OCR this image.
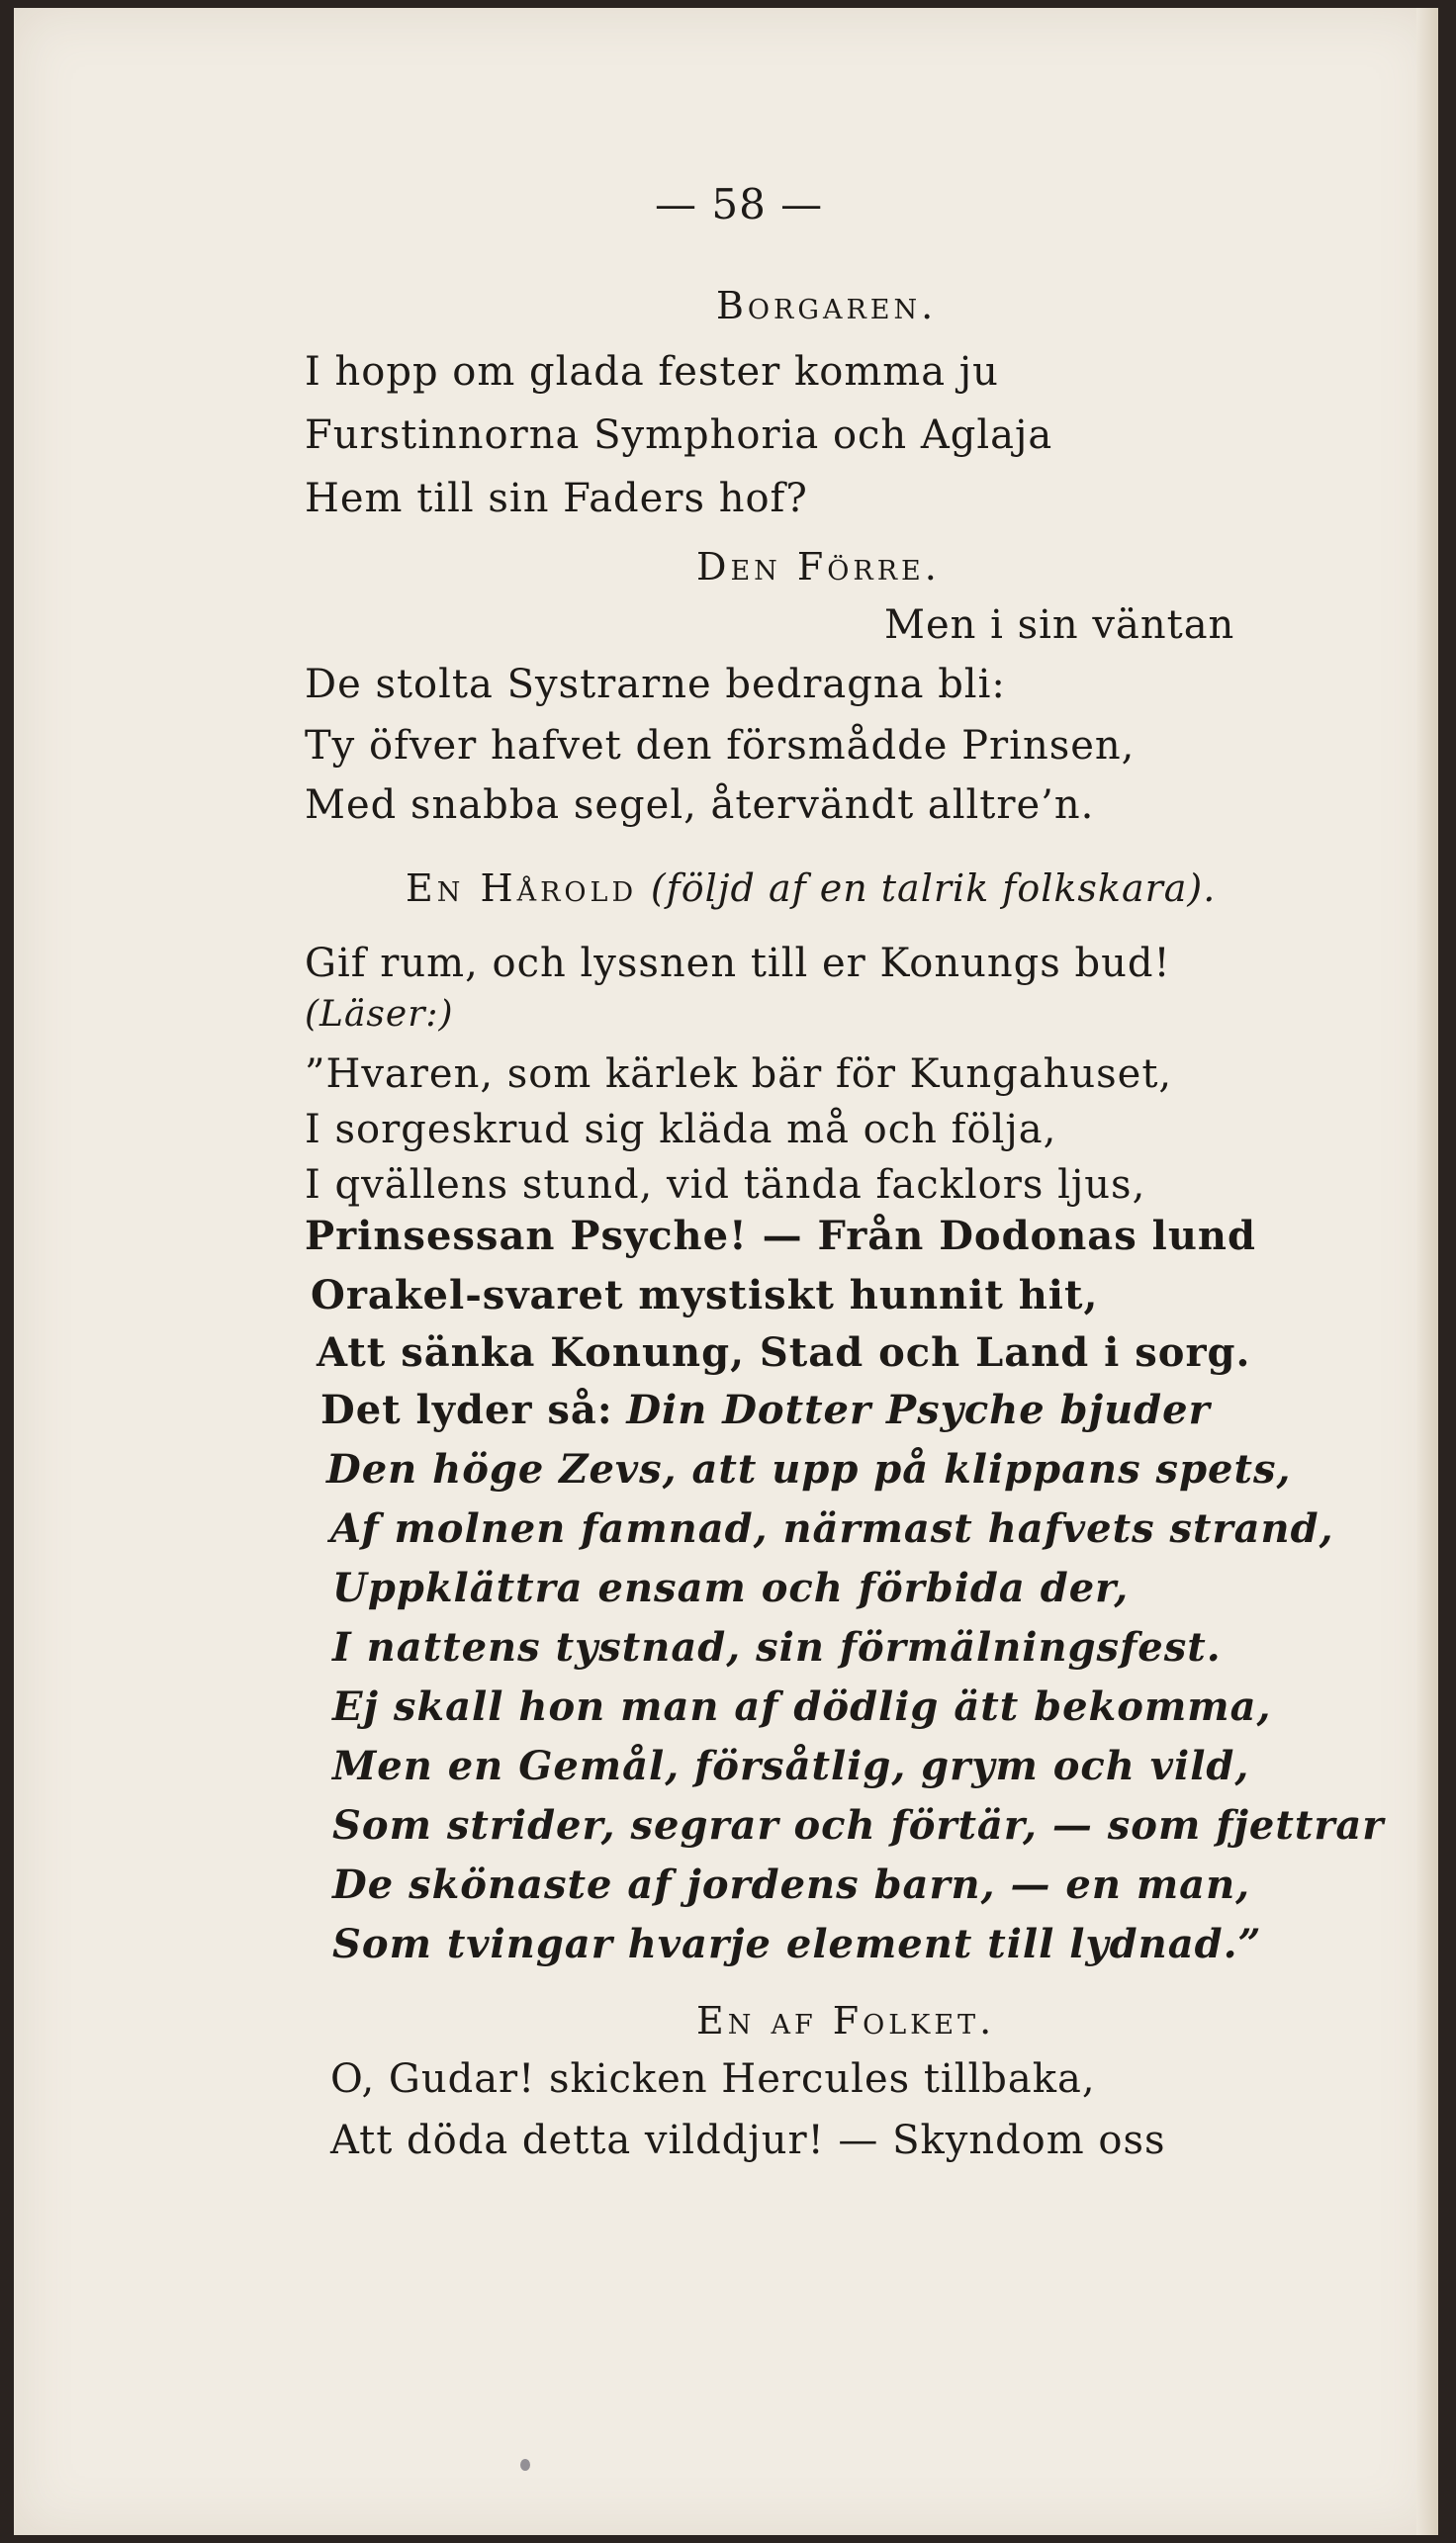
— 58 —
Borgaren.
I hopp om glada fester komma ju
Furstinnorna Symphoria och Aglaja
Hem till sin Faders hof?
Den Förre.
Men i sin väntan
De stolta Systrarne bedragna bli:
Ty öfver hafvet den försmådde Prinsen,
Med snabba segel, återvändt alltre’n.
En Hårold (följd af en talrik folkskara).
Gif rum, och lyssnen till er Konungs bud!
(Läser:)
”Hvaren, som kärlek bär för Kungahuset,
I sorgeskrud sig kläda må och följa,
I qvällens stund, vid tända facklors ljus,
Prinsessan Psyche! — Från Dodonas lund
Orakel-svaret mystiskt hunnit hit,
Att sänka Konung, Stad och Land i sorg.
Det lyder så: Din Dotter Psyche bjuder
Den höge Zevs, att upp på klippans spets,
Af molnen famnad, närmast hafvets strand,
Uppklättra ensam och förbida der,
I nattens tystnad, sin förmälningsfest.
Ej skall hon man af dödlig ätt bekomma,
Men en Gemål, försåtlig, grym och vild,
Som strider, segrar och förtär, — som fjettrar
De skönaste af jordens barn, — en man,
Som tvingar hvarje element till lydnad.”
En af Folket.
O, Gudar! skicken Hercules tillbaka,
Att döda detta vilddjur! — Skyndom oss
